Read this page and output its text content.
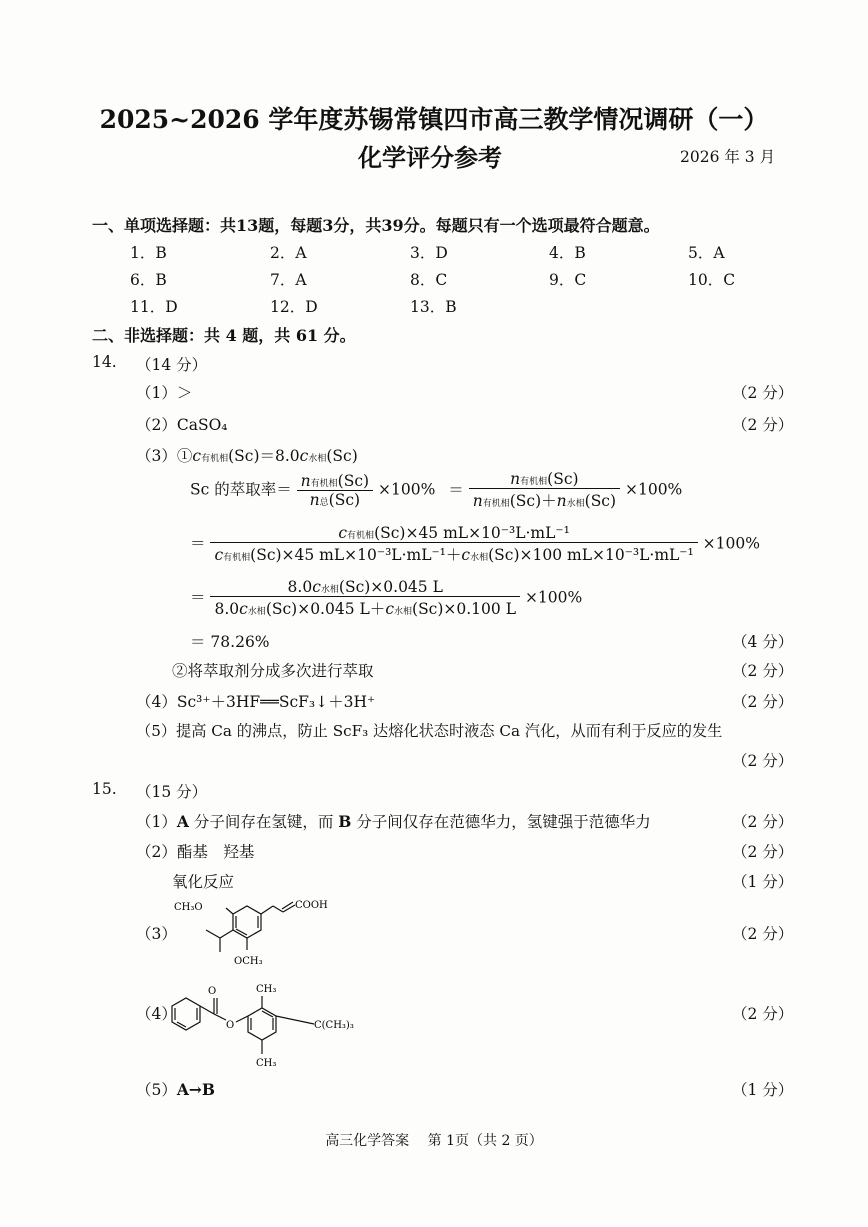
2025~2026 学年度苏锡常镇四市高三教学情况调研（一）
化学评分参考	2026 年 3 月
一、单项选择题：共13题，每题3分，共39分。每题只有一个选项最符合题意。
1．B	2．A	3．D	4．B	5．A
6．B	7．A	8．C	9．C	10．C
11．D	12．D	13．B
二、非选择题：共 4 题，共 61 分。
14. （14 分）
（1）＞	（2 分）
（2）CaSO₄	（2 分）
（3）①c有机相(Sc)＝8.0c水相(Sc)
Sc 的萃取率＝ $\frac{\text{n有机相(Sc)}}{\text{n总(Sc)}} \times 100\% = \frac{\text{n有机相(Sc)}}{\text{n有机相(Sc)＋n水相(Sc)}} \times 100\%$
＝ $\frac{\text{c有机相(Sc)×45 mL×10⁻³L·mL⁻¹}}{\text{c有机相(Sc)×45 mL×10⁻³L·mL⁻¹＋c水相(Sc)×100 mL×10⁻³L·mL⁻¹}} \times 100\%$
＝ $\frac{\text{8.0c水相(Sc)×0.045 L}}{\text{8.0c水相(Sc)×0.045 L＋c水相(Sc)×0.100 L}} \times 100\%$
＝ 78.26%	（4 分）
②将萃取剂分成多次进行萃取	（2 分）
（4）Sc³⁺＋3HF══ScF₃↓＋3H⁺	（2 分）
（5）提高 Ca 的沸点，防止 ScF₃ 达熔化状态时液态 Ca 汽化，从而有利于反应的发生
（2 分）
15. （15 分）
（1）A 分子间存在氢键，而 B 分子间仅存在范德华力，氢键强于范德华力	（2 分）
（2）酯基　羟基	（2 分）
氧化反应	（1 分）
（3）	（2 分）
CH₃O	COOH
OCH₃
（4）	（2 分）
O
O
CH₃
CH₃
C(CH₃)₃
（5）A→B	（1 分）
高三化学答案　 第 1页（共 2 页）
